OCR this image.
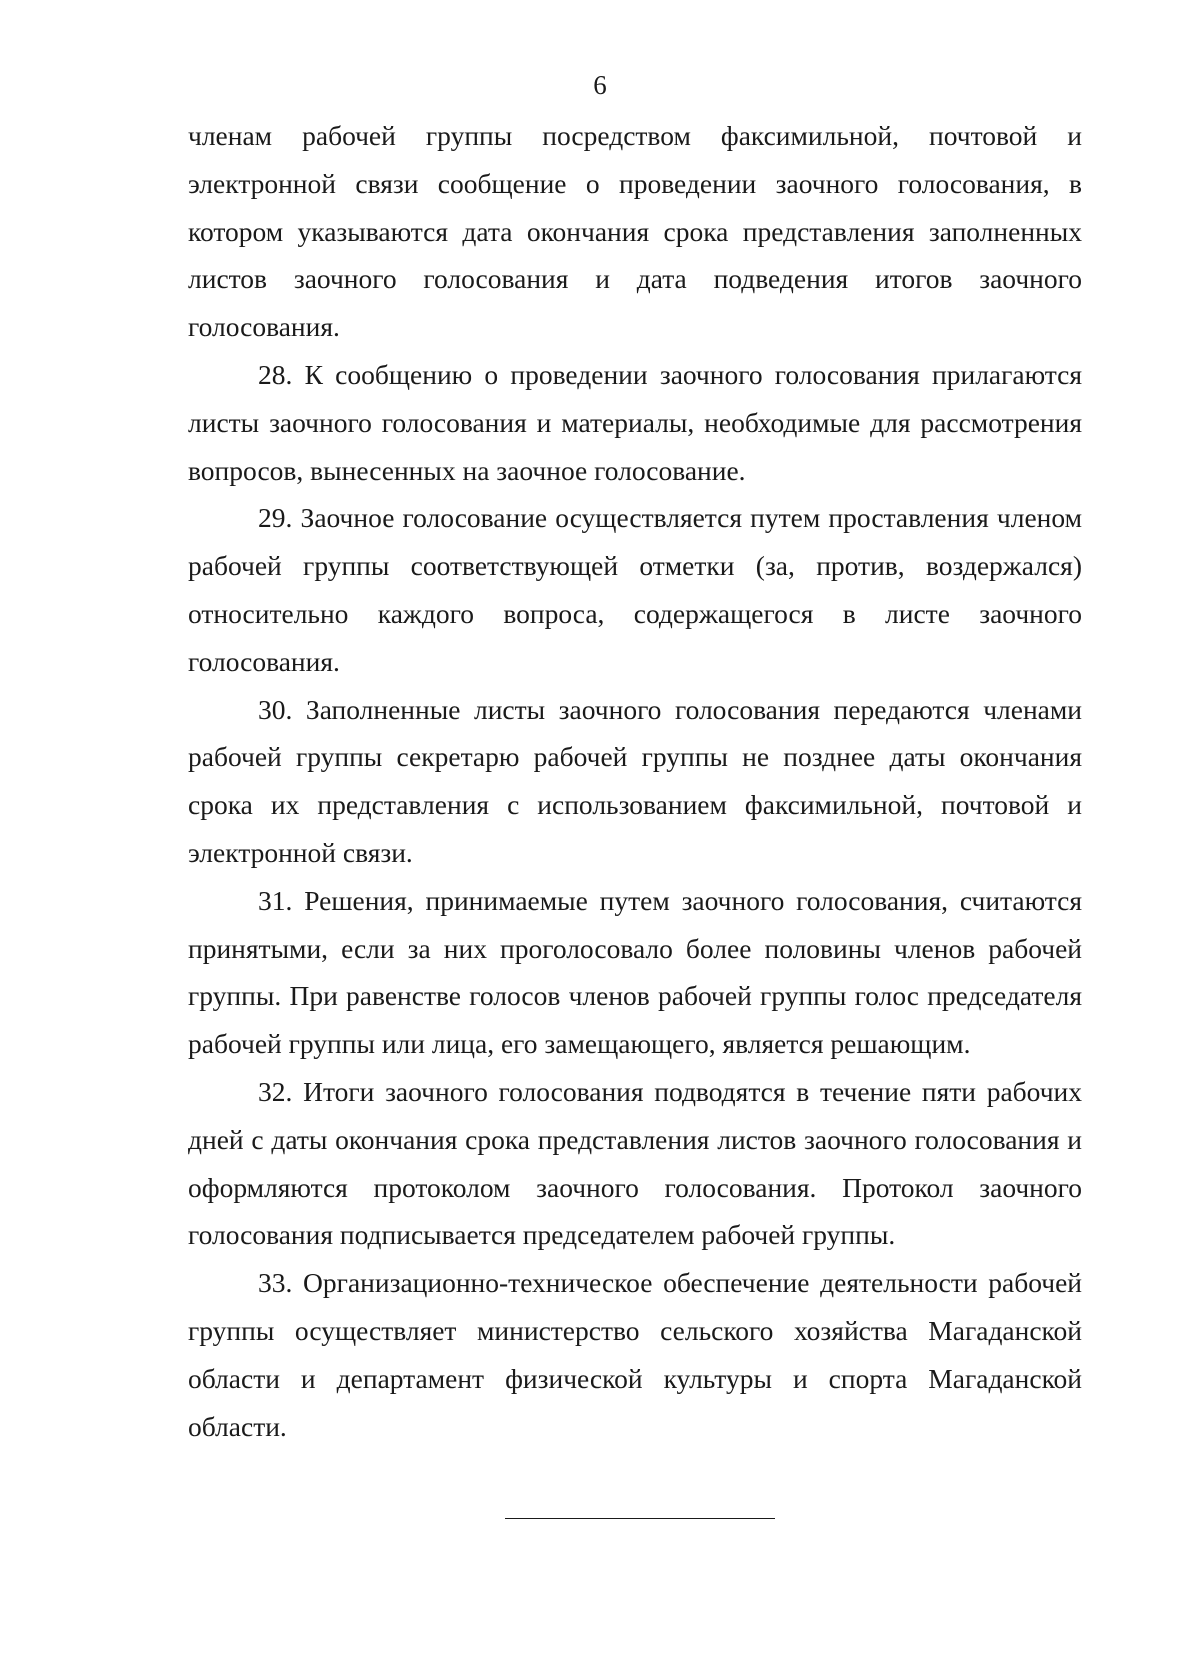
6

членам рабочей группы посредством факсимильной, почтовой и электронной связи сообщение о проведении заочного голосования, в котором указываются дата окончания срока представления заполненных листов заочного голосования и дата подведения итогов заочного голосования.

28. К сообщению о проведении заочного голосования прилагаются листы заочного голосования и материалы, необходимые для рассмотрения вопросов, вынесенных на заочное голосование.

29. Заочное голосование осуществляется путем проставления членом рабочей группы соответствующей отметки (за, против, воздержался) относительно каждого вопроса, содержащегося в листе заочного голосования.

30. Заполненные листы заочного голосования передаются членами рабочей группы секретарю рабочей группы не позднее даты окончания срока их представления с использованием факсимильной, почтовой и электронной связи.

31. Решения, принимаемые путем заочного голосования, считаются принятыми, если за них проголосовало более половины членов рабочей группы. При равенстве голосов членов рабочей группы голос председателя рабочей группы или лица, его замещающего, является решающим.

32. Итоги заочного голосования подводятся в течение пяти рабочих дней с даты окончания срока представления листов заочного голосования и оформляются протоколом заочного голосования. Протокол заочного голосования подписывается председателем рабочей группы.

33. Организационно-техническое обеспечение деятельности рабочей группы осуществляет министерство сельского хозяйства Магаданской области и департамент физической культуры и спорта Магаданской области.
